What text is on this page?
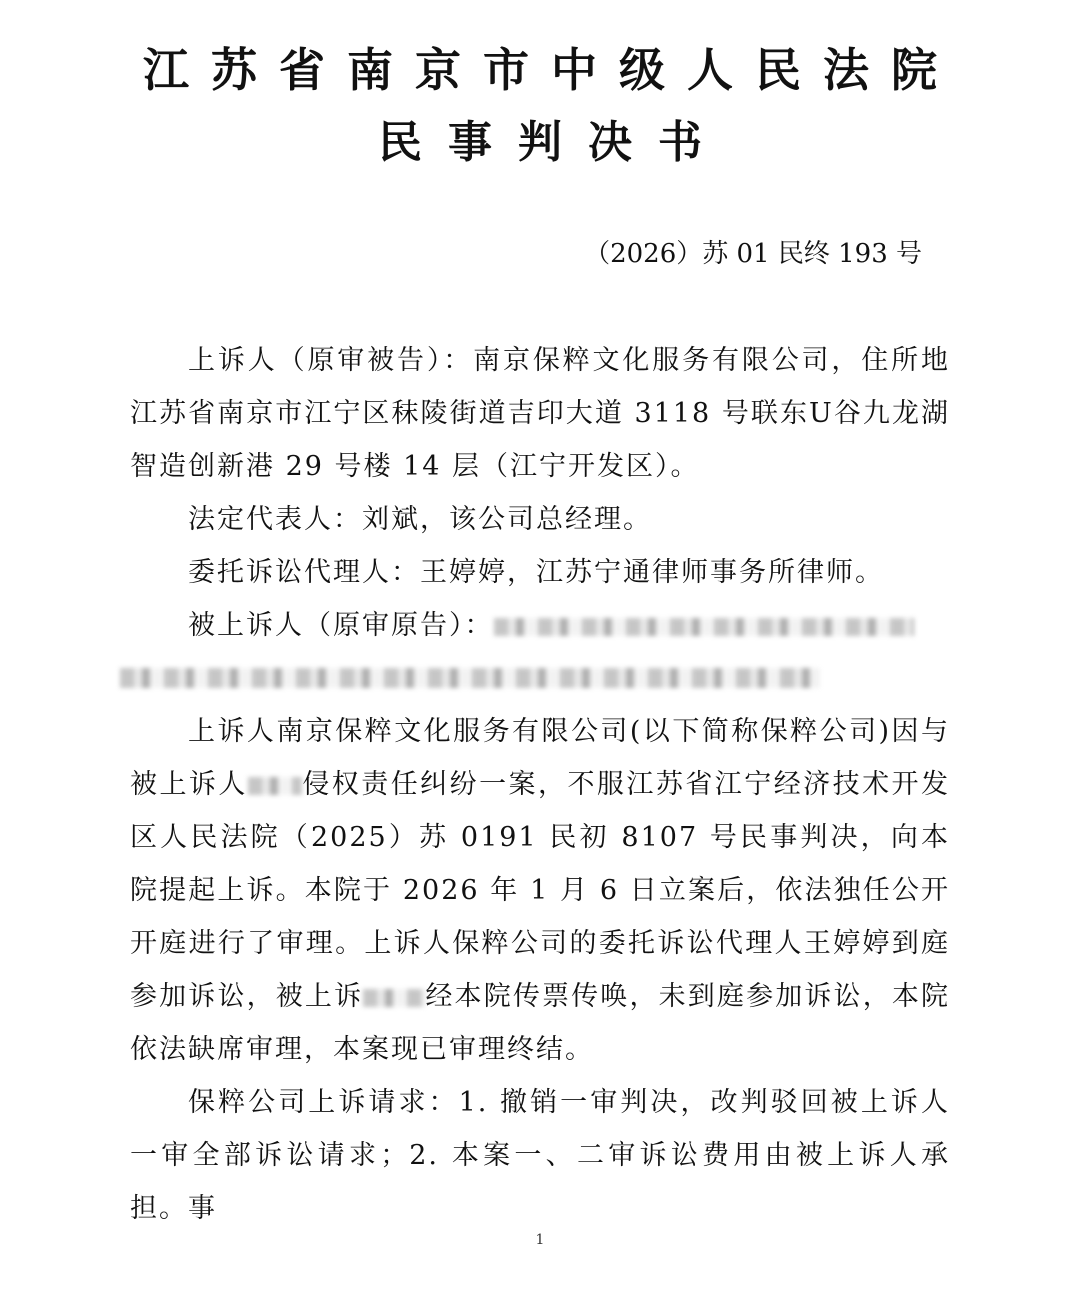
江苏省南京市中级人民法院
民事判决书
（2026）苏 01 民终 193 号

上诉人（原审被告）：南京保粹文化服务有限公司，住所地江苏省南京市江宁区秣陵街道吉印大道 3118 号联东U谷九龙湖智造创新港 29 号楼 14 层（江宁开发区）。

法定代表人：刘斌，该公司总经理。

委托诉讼代理人：王婷婷，江苏宁通律师事务所律师。

被上诉人（原审原告）：

上诉人南京保粹文化服务有限公司(以下简称保粹公司)因与被上诉人 侵权责任纠纷一案，不服江苏省江宁经济技术开发区人民法院（2025）苏 0191 民初 8107 号民事判决，向本院提起上诉。本院于 2026 年 1 月 6 日立案后，依法独任公开开庭进行了审理。上诉人保粹公司的委托诉讼代理人王婷婷到庭参加诉讼，被上诉 经本院传票传唤，未到庭参加诉讼，本院依法缺席审理，本案现已审理终结。

保粹公司上诉请求：1. 撤销一审判决，改判驳回被上诉人一审全部诉讼请求；2. 本案一、二审诉讼费用由被上诉人承担。事

1
